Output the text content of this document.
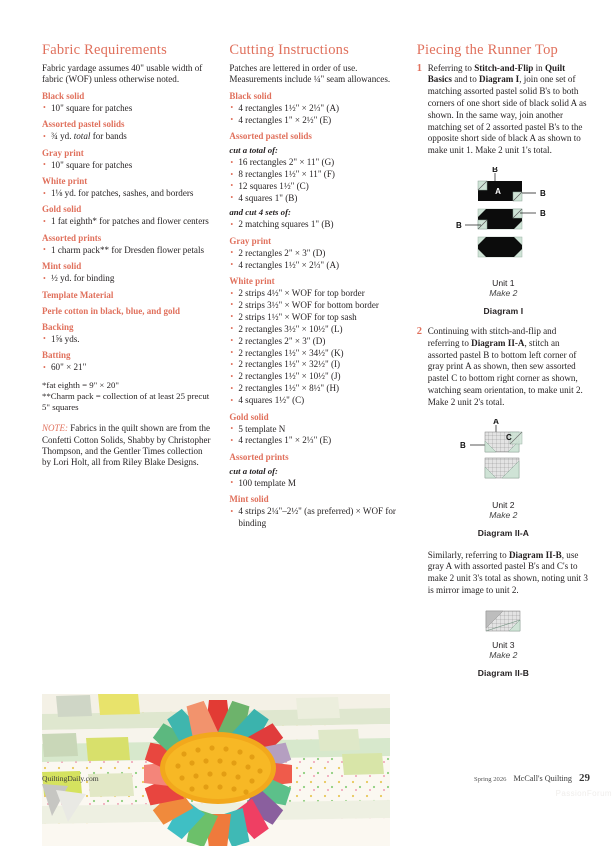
Fabric Requirements

Fabric yardage assumes 40" usable width of fabric (WOF) unless otherwise noted.

Black solid
• 10" square for patches
Assorted pastel solids
• ¾ yd. total for bands
Gray print
• 10" square for patches
White print
• 1⅛ yd. for patches, sashes, and borders
Gold solid
• 1 fat eighth* for patches and flower centers
Assorted prints
• 1 charm pack** for Dresden flower petals
Mint solid
• ½ yd. for binding
Template Material
Perle cotton in black, blue, and gold
Backing
• 1⅝ yds.
Batting
• 60" × 21"

*fat eighth = 9" × 20"

**Charm pack = collection of at least 25 precut 5" squares

NOTE: Fabrics in the quilt shown are from the Confetti Cotton Solids, Shabby by Christopher Thompson, and the Gentler Times collection by Lori Holt, all from Riley Blake Designs.

Cutting Instructions

Patches are lettered in order of use. Measurements include ¼" seam allowances.

Black solid
• 4 rectangles 1½" × 2⅓" (A)
• 4 rectangles 1" × 2½" (E)
Assorted pastel solids
cut a total of:
• 16 rectangles 2" × 11" (G)
• 8 rectangles 1½" × 11" (F)
• 12 squares 1½" (C)
• 4 squares 1" (B)
and cut 4 sets of:
• 2 matching squares 1" (B)
Gray print
• 2 rectangles 2" × 3" (D)
• 4 rectangles 1½" × 2⅓" (A)
White print
• 2 strips 4½" × WOF for top border
• 2 strips 3½" × WOF for bottom border
• 2 strips 1½" × WOF for top sash
• 2 rectangles 3½" × 10½" (L)
• 2 rectangles 2" × 3" (D)
• 2 rectangles 1½" × 34½" (K)
• 2 rectangles 1½" × 32½" (I)
• 2 rectangles 1½" × 10½" (J)
• 2 rectangles 1½" × 8½" (H)
• 4 squares 1½" (C)
Gold solid
• 5 template N
• 4 rectangles 1" × 2⅓" (E)
Assorted prints
cut a total of:
• 100 template M
Mint solid
• 4 strips 2¼"–2½" (as preferred) × WOF for binding
Piecing the Runner Top
1 Referring to Stitch-and-Flip in Quilt Basics and to Diagram I, join one set of matching assorted pastel solid B's to both corners of one short side of black solid A as shown. In the same way, join another matching set of 2 assorted pastel B's to the opposite short side of black A as shown to make unit 1. Make 2 unit 1's total.
A
B
B
B
B
Unit 1
Make 2
Diagram I
2 Continuing with stitch-and-flip and referring to Diagram II-A, stitch an assorted pastel B to bottom left corner of gray print A as shown, then sew assorted pastel C to bottom right corner as shown, watching seam orientation, to make unit 2. Make 2 unit 2's total.
C
A
B
Unit 2
Make 2
Diagram II-A
Similarly, referring to Diagram II-B, use gray A with assorted pastel B's and C's to make 2 unit 3's total as shown, noting unit 3 is mirror image to unit 2.
Unit 3
Make 2
Diagram II-B
QuiltingDaily.com	Spring 2026 McCall's Quilting 29
PassionForum
